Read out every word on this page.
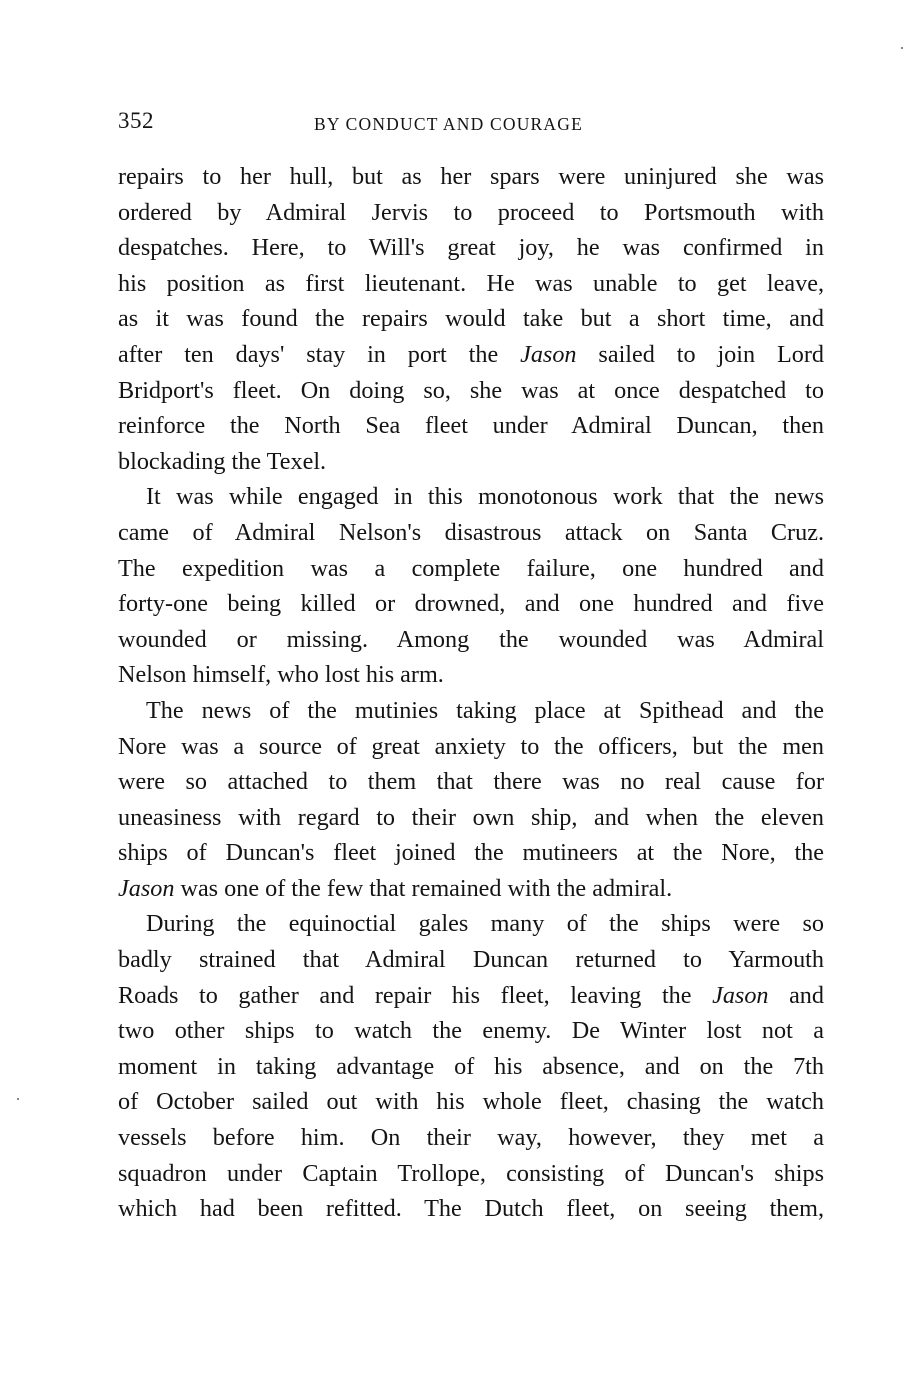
352	BY CONDUCT AND COURAGE

repairs to her hull, but as her spars were uninjured she was
ordered by Admiral Jervis to proceed to Portsmouth with
despatches. Here, to Will's great joy, he was confirmed in
his position as first lieutenant. He was unable to get leave,
as it was found the repairs would take but a short time, and
after ten days' stay in port the Jason sailed to join Lord
Bridport's fleet. On doing so, she was at once despatched to
reinforce the North Sea fleet under Admiral Duncan, then
blockading the Texel.

It was while engaged in this monotonous work that the news
came of Admiral Nelson's disastrous attack on Santa Cruz.
The expedition was a complete failure, one hundred and
forty-one being killed or drowned, and one hundred and five
wounded or missing. Among the wounded was Admiral
Nelson himself, who lost his arm.

The news of the mutinies taking place at Spithead and the
Nore was a source of great anxiety to the officers, but the men
were so attached to them that there was no real cause for
uneasiness with regard to their own ship, and when the eleven
ships of Duncan's fleet joined the mutineers at the Nore, the
Jason was one of the few that remained with the admiral.

During the equinoctial gales many of the ships were so
badly strained that Admiral Duncan returned to Yarmouth
Roads to gather and repair his fleet, leaving the Jason and
two other ships to watch the enemy. De Winter lost not a
moment in taking advantage of his absence, and on the 7th
of October sailed out with his whole fleet, chasing the watch
vessels before him. On their way, however, they met a
squadron under Captain Trollope, consisting of Duncan's ships
which had been refitted. The Dutch fleet, on seeing them,
